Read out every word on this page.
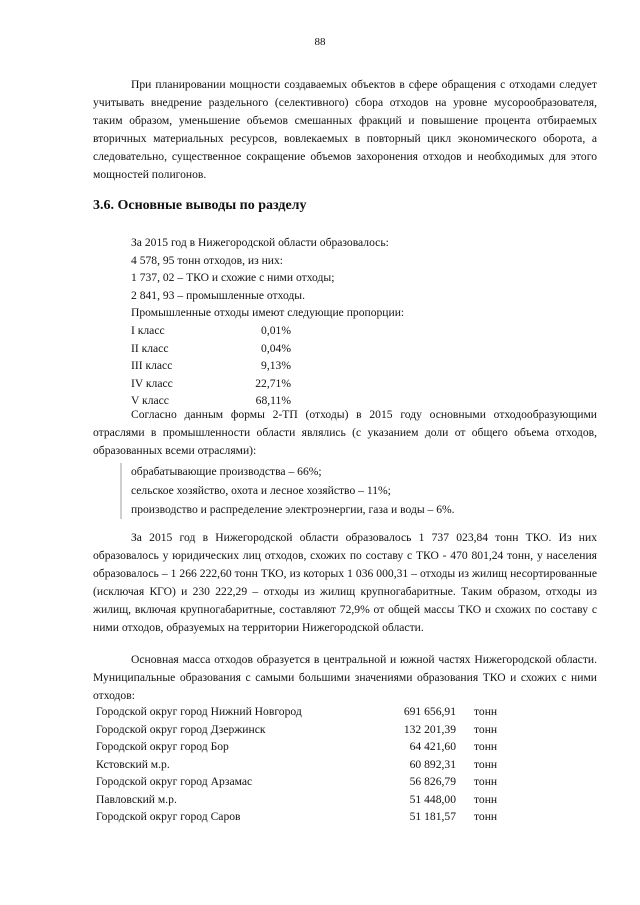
88

При планировании мощности создаваемых объектов в сфере обращения с отходами следует учитывать внедрение раздельного (селективного) сбора отходов на уровне мусорообразователя, таким образом, уменьшение объемов смешанных фракций и повышение процента отбираемых вторичных материальных ресурсов, вовлекаемых в повторный цикл экономического оборота, а следовательно, существенное сокращение объемов захоронения отходов и необходимых для этого мощностей полигонов.

3.6. Основные выводы по разделу
За 2015 год в Нижегородской области образовалось:
4 578, 95 тонн отходов, из них:
1 737, 02 – ТКО и схожие с ними отходы;
2 841, 93 – промышленные отходы.
Промышленные отходы имеют следующие пропорции:
I класс	0,01%
II класс	0,04%
III класс	9,13%
IV класс	22,71%
V класс	68,11%

Согласно данным формы 2-ТП (отходы) в 2015 году основными отходообразующими отраслями в промышленности области являлись (с указанием доли от общего объема отходов, образованных всеми отраслями):

обрабатывающие производства – 66%;
сельское хозяйство, охота и лесное хозяйство – 11%;
производство и распределение электроэнергии, газа и воды – 6%.

За 2015 год в Нижегородской области образовалось 1 737 023,84 тонн ТКО. Из них образовалось у юридических лиц отходов, схожих по составу с ТКО - 470 801,24 тонн, у населения образовалось – 1 266 222,60 тонн ТКО, из которых 1 036 000,31 – отходы из жилищ несортированные (исключая КГО) и 230 222,29 – отходы из жилищ крупногабаритные. Таким образом, отходы из жилищ, включая крупногабаритные, составляют 72,9% от общей массы ТКО и схожих по составу с ними отходов, образуемых на территории Нижегородской области.

Основная масса отходов образуется в центральной и южной частях Нижегородской области. Муниципальные образования с самыми большими значениями образования ТКО и схожих с ними отходов:

Городской округ город Нижний Новгород	691 656,91 тонн
Городской округ город Дзержинск	132 201,39 тонн
Городской округ город Бор	64 421,60 тонн
Кстовский м.р.	60 892,31 тонн
Городской округ город Арзамас	56 826,79 тонн
Павловский м.р.	51 448,00 тонн
Городской округ город Саров	51 181,57 тонн
